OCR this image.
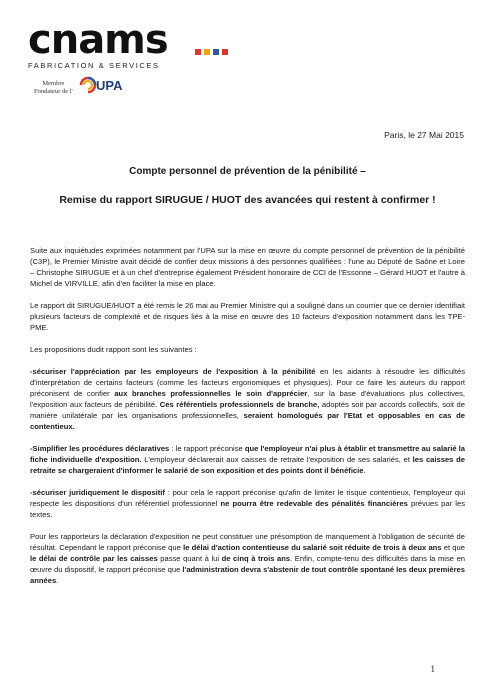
cnams
FABRICATION & SERVICES
Membre
Fondateur de l' UPA
Paris, le 27 Mai 2015
Compte personnel de prévention de la pénibilité –
Remise du rapport SIRUGUE / HUOT des avancées qui restent à confirmer !

Suite aux inquiétudes exprimées notamment par l'UPA sur la mise en œuvre du compte personnel de prévention de la pénibilité (C3P), le Premier Ministre avait décidé de confier deux missions à des personnes qualifiées : l'une au Député de Saône et Loire – Christophe SIRUGUE et à un chef d'entreprise également Président honoraire de CCI de l'Essonne – Gérard HUOT et l'autre à Michel de VIRVILLE, afin d'en faciliter la mise en place.

Le rapport dit SIRUGUE/HUOT a été remis le 26 mai au Premier Ministre qui a souligné dans un courrier que ce dernier identifiait plusieurs facteurs de complexité et de risques liés à la mise en œuvre des 10 facteurs d'exposition notamment dans les TPE-PME.

Les propositions dudit rapport sont les suivantes :

-sécuriser l'appréciation par les employeurs de l'exposition à la pénibilité en les aidants à résoudre les difficultés d'interprétation de certains facteurs (comme les facteurs ergonomiques et physiques). Pour ce faire les auteurs du rapport préconisent de confier aux branches professionnelles le soin d'apprécier, sur la base d'évaluations plus collectives, l'exposition aux facteurs de pénibilité. Ces référentiels professionnels de branche, adoptés soit par accords collectifs, soit de manière unilatérale par les organisations professionnelles, seraient homologués par l'Etat et opposables en cas de contentieux.

-Simplifier les procédures déclaratives : le rapport préconise que l'employeur n'ai plus à établir et transmettre au salarié la fiche individuelle d'exposition. L'employeur déclarerait aux caisses de retraite l'exposition de ses salariés, et les caisses de retraite se chargeraient d'informer le salarié de son exposition et des points dont il bénéficie.

-sécuriser juridiquement le dispositif : pour cela le rapport préconise qu'afin de limiter le risque contentieux, l'employeur qui respecte les dispositions d'un référentiel professionnel ne pourra être redevable des pénalités financières prévues par les textes.

Pour les rapporteurs la déclaration d'exposition ne peut constituer une présomption de manquement à l'obligation de sécurité de résultat. Cependant le rapport préconise que le délai d'action contentieuse du salarié soit réduite de trois à deux ans et que le délai de contrôle par les caisses passe quant à lui de cinq à trois ans. Enfin, compte-tenu des difficultés dans la mise en œuvre du dispositif, le rapport préconise que l'administration devra s'abstenir de tout contrôle spontané les deux premières années.

1
